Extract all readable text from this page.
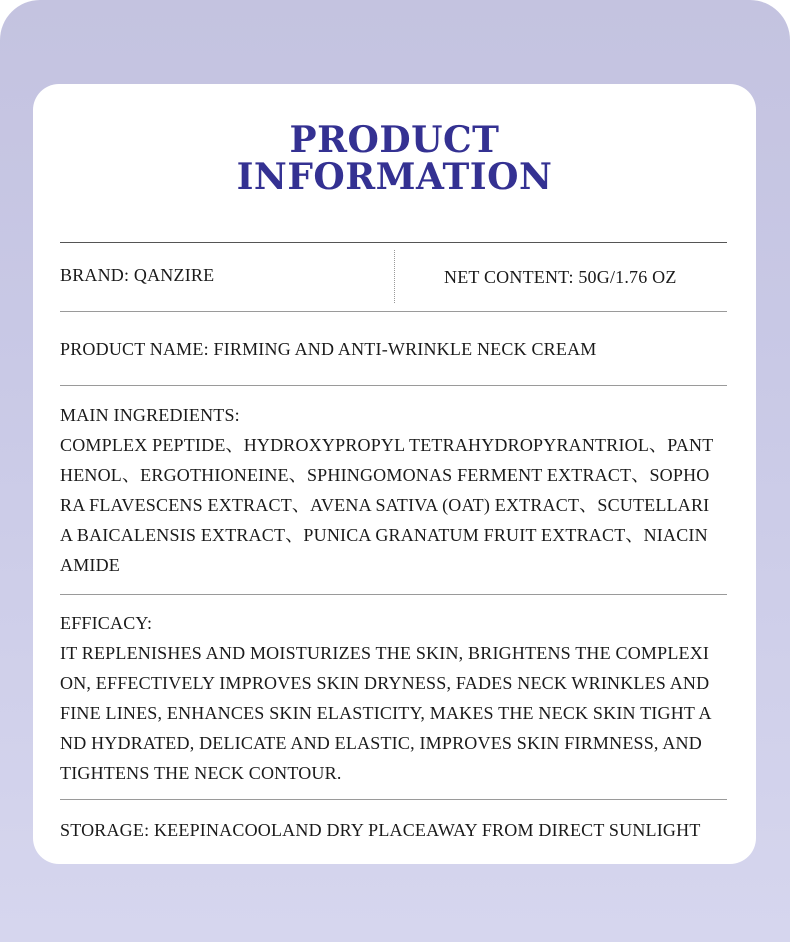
PRODUCT
INFORMATION
BRAND: QANZIRE	NET CONTENT: 50G/1.76 OZ
PRODUCT NAME: FIRMING AND ANTI-WRINKLE NECK CREAM
MAIN INGREDIENTS:
COMPLEX PEPTIDE、HYDROXYPROPYL TETRAHYDROPYRANTRIOL、PANT
HENOL、ERGOTHIONEINE、SPHINGOMONAS FERMENT EXTRACT、SOPHO
RA FLAVESCENS EXTRACT、AVENA SATIVA (OAT) EXTRACT、SCUTELLARI
A BAICALENSIS EXTRACT、PUNICA GRANATUM FRUIT EXTRACT、NIACIN
AMIDE
EFFICACY:
IT REPLENISHES AND MOISTURIZES THE SKIN, BRIGHTENS THE COMPLEXI
ON, EFFECTIVELY IMPROVES SKIN DRYNESS, FADES NECK WRINKLES AND
FINE LINES, ENHANCES SKIN ELASTICITY, MAKES THE NECK SKIN TIGHT A
ND HYDRATED, DELICATE AND ELASTIC, IMPROVES SKIN FIRMNESS, AND
TIGHTENS THE NECK CONTOUR.
STORAGE: KEEPINACOOLAND DRY PLACEAWAY FROM DIRECT SUNLIGHT
